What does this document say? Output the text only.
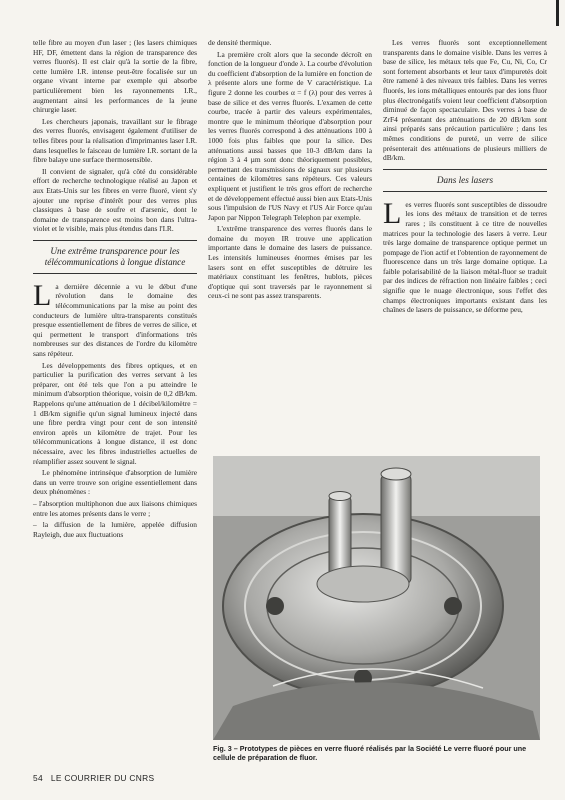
telle fibre au moyen d'un laser ; (les lasers chimiques HF, DF, émettent dans la région de transparence des verres fluorés). Il est clair qu'à la sortie de la fibre, cette lumière I.R. intense peut-être focalisée sur un organe vivant interne par exemple qui absorbe particulièrement bien les rayonnements I.R., augmentant ainsi les performances de la jeune chirurgie laser.

Les chercheurs japonais, travaillant sur le fibrage des verres fluorés, envisagent également d'utiliser de telles fibres pour la réalisation d'imprimantes laser I.R. dans lesquelles le faisceau de lumière I.R. sortant de la fibre balaye une surface thermosensible.

Il convient de signaler, qu'à côté du considérable effort de recherche technologique réalisé au Japon et aux Etats-Unis sur les fibres en verre fluoré, vient s'y ajouter une reprise d'intérêt pour des verres plus classiques à base de soufre et d'arsenic, dont le domaine de transparence est moins bon dans l'ultra-violet et le visible, mais plus étendus dans l'I.R.

Une extrême transparence pour les télécommunications à longue distance

La dernière décennie a vu le début d'une révolution dans le domaine des télécommunications par la mise au point des conducteurs de lumière ultra-transparents constitués presque essentiellement de fibres de verres de silice, et qui permettent le transport d'informations très nombreuses sur des distances de l'ordre du kilomètre sans répéteur.

Les développements des fibres optiques, et en particulier la purification des verres servant à les préparer, ont été tels que l'on a pu atteindre le minimum d'absorption théorique, voisin de 0,2 dB/km. Rappelons qu'une atténuation de 1 décibel/kilomètre = 1 dB/km signifie qu'un signal lumineux injecté dans une fibre perdra vingt pour cent de son intensité environ après un kilomètre de trajet. Pour les télécommunications à longue distance, il est donc nécessaire, avec les fibres industrielles actuelles de réamplifier assez souvent le signal.

Le phénomène intrinsèque d'absorption de lumière dans un verre trouve son origine essentiellement dans deux phénomènes :

– l'absorption multiphonon due aux liaisons chimiques entre les atomes présents dans le verre ;

– la diffusion de la lumière, appelée diffusion Rayleigh, due aux fluctuations

de densité thermique.

La première croît alors que la seconde décroît en fonction de la longueur d'onde λ. La courbe d'évolution du coefficient d'absorption de la lumière en fonction de λ présente alors une forme de V caractéristique. La figure 2 donne les courbes α = f (λ) pour des verres à base de silice et des verres fluorés. L'examen de cette courbe, tracée à partir des valeurs expérimentales, montre que le minimum théorique d'absorption pour les verres fluorés correspond à des atténuations 100 à 1000 fois plus faibles que pour la silice. Des atténuations aussi basses que 10-3 dB/km dans la région 3 à 4 µm sont donc théoriquement possibles, permettant des transmissions de signaux sur plusieurs centaines de kilomètres sans répéteurs. Ces valeurs expliquent et justifient le très gros effort de recherche et de développement effectué aussi bien aux Etats-Unis sous l'impulsion de l'US Navy et l'US Air Force qu'au Japon par Nippon Telegraph Telephon par exemple.

L'extrême transparence des verres fluorés dans le domaine du moyen IR trouve une application importante dans le domaine des lasers de puissance. Les intensités lumineuses énormes émises par les lasers sont en effet susceptibles de détruire les matériaux constituant les fenêtres, hublots, pièces d'optique qui sont traversés par le rayonnement si ceux-ci ne sont pas assez transparents.

Les verres fluorés sont exceptionnellement transparents dans le domaine visible. Dans les verres à base de silice, les métaux tels que Fe, Cu, Ni, Co, Cr sont fortement absorbants et leur taux d'impuretés doit être ramené à des niveaux très faibles. Dans les verres fluorés, les ions métalliques entourés par des ions fluor plus électronégatifs voient leur coefficient d'absorption diminué de façon spectaculaire. Des verres à base de ZrF4 présentant des atténuations de 20 dB/km sont ainsi préparés sans précaution particulière ; dans les mêmes conditions de pureté, un verre de silice présenterait des atténuations de plusieurs milliers de dB/km.

Dans les lasers

Les verres fluorés sont susceptibles de dissoudre les ions des métaux de transition et de terres rares ; ils constituent à ce titre de nouvelles matrices pour la technologie des lasers à verre. Leur très large domaine de transparence optique permet un pompage de l'ion actif et l'obtention de rayonnement de fluorescence dans un très large domaine optique. La faible polarisabilité de la liaison métal-fluor se traduit par des indices de réfraction non linéaire faibles ; ceci signifie que le nuage électronique, sous l'effet des champs électroniques importants existant dans les chaînes de lasers de puissance, se déforme peu,

Fig. 3 – Prototypes de pièces en verre fluoré réalisés par la Société Le verre fluoré pour une cellule de préparation de fluor.
54 LE COURRIER DU CNRS
